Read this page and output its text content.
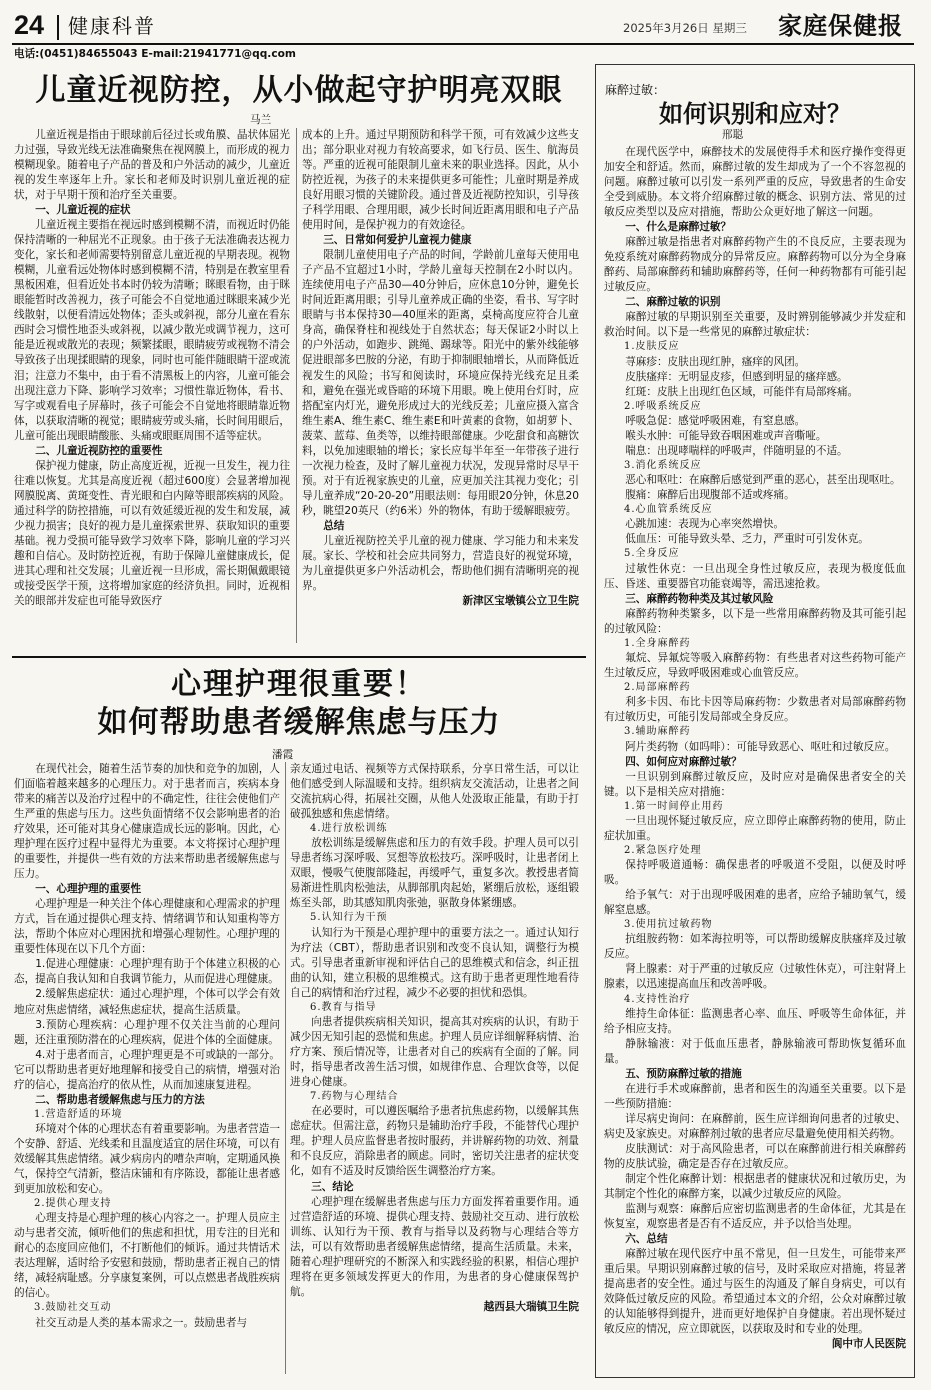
24 健康科普	2025年3月26日 星期三 家庭保健报
电话:(0451)84655043 E-mail:21941771@qq.com
儿童近视防控，从小做起守护明亮双眼
马兰

儿童近视是指由于眼球前后径过长或角膜、晶状体屈光力过强，导致光线无法准确聚焦在视网膜上，而形成的视力模糊现象。随着电子产品的普及和户外活动的减少，儿童近视的发生率逐年上升。家长和老师及时识别儿童近视的症状，对于早期干预和治疗至关重要。

一、儿童近视的症状

儿童近视主要指在视远时感到模糊不清，而视近时仍能保持清晰的一种屈光不正现象。由于孩子无法准确表达视力变化，家长和老师需要特别留意儿童近视的早期表现。视物模糊，儿童看远处物体时感到模糊不清，特别是在教室里看黑板困难，但看近处书本时仍较为清晰；眯眼看物，由于眯眼能暂时改善视力，孩子可能会不自觉地通过眯眼来减少光线散射，以便看清远处物体；歪头或斜视，部分儿童在看东西时会习惯性地歪头或斜视，以减少散光或调节视力，这可能是近视或散光的表现；频繁揉眼，眼睛疲劳或视物不清会导致孩子出现揉眼睛的现象，同时也可能伴随眼睛干涩或流泪；注意力不集中，由于看不清黑板上的内容，儿童可能会出现注意力下降、影响学习效率；习惯性靠近物体，看书、写字或观看电子屏幕时，孩子可能会不自觉地将眼睛靠近物体，以获取清晰的视觉；眼睛疲劳或头痛，长时间用眼后，儿童可能出现眼睛酸胀、头痛或眼眶周围不适等症状。

二、儿童近视防控的重要性

保护视力健康，防止高度近视，近视一旦发生，视力往往难以恢复。尤其是高度近视（超过600度）会显著增加视网膜脱离、黄斑变性、青光眼和白内障等眼部疾病的风险。通过科学的防控措施，可以有效延缓近视的发生和发展，减少视力损害；良好的视力是儿童探索世界、获取知识的重要基础。视力受损可能导致学习效率下降，影响儿童的学习兴趣和自信心。及时防控近视，有助于保障儿童健康成长，促进其心理和社交发展；儿童近视一旦形成，需长期佩戴眼镜或接受医学干预，这将增加家庭的经济负担。同时，近视相关的眼部并发症也可能导致医疗

成本的上升。通过早期预防和科学干预，可有效减少这些支出；部分职业对视力有较高要求，如飞行员、医生、航海员等。严重的近视可能限制儿童未来的职业选择。因此，从小防控近视，为孩子的未来提供更多可能性；儿童时期是养成良好用眼习惯的关键阶段。通过普及近视防控知识，引导孩子科学用眼、合理用眼，减少长时间近距离用眼和电子产品使用时间，是保护视力的有效途径。

三、日常如何爱护儿童视力健康

限制儿童使用电子产品的时间，学龄前儿童每天使用电子产品不宜超过1小时，学龄儿童每天控制在2小时以内。连续使用电子产品30—40分钟后，应休息10分钟，避免长时间近距离用眼；引导儿童养成正确的坐姿，看书、写字时眼睛与书本保持30—40厘米的距离，桌椅高度应符合儿童身高，确保脊柱和视线处于自然状态；每天保证2小时以上的户外活动，如跑步、跳绳、踢球等。阳光中的紫外线能够促进眼部多巴胺的分泌，有助于抑制眼轴增长，从而降低近视发生的风险；书写和阅读时，环境应保持光线充足且柔和，避免在强光或昏暗的环境下用眼。晚上使用台灯时，应搭配室内灯光，避免形成过大的光线反差；儿童应摄入富含维生素A、维生素C、维生素E和叶黄素的食物，如胡萝卜、菠菜、蓝莓、鱼类等，以维持眼部健康。少吃甜食和高糖饮料，以免加速眼轴的增长；家长应每半年至一年带孩子进行一次视力检查，及时了解儿童视力状况，发现异常时尽早干预。对于有近视家族史的儿童，应更加关注其视力变化；引导儿童养成“20-20-20”用眼法则：每用眼20分钟，休息20秒，眺望20英尺（约6米）外的物体，有助于缓解眼疲劳。

总结

儿童近视防控关乎儿童的视力健康、学习能力和未来发展。家长、学校和社会应共同努力，营造良好的视觉环境，为儿童提供更多户外活动机会，帮助他们拥有清晰明亮的视界。

新津区宝墩镇公立卫生院

心理护理很重要！
如何帮助患者缓解焦虑与压力
潘霞

在现代社会，随着生活节奏的加快和竞争的加剧，人们面临着越来越多的心理压力。对于患者而言，疾病本身带来的痛苦以及治疗过程中的不确定性，往往会使他们产生严重的焦虑与压力。这些负面情绪不仅会影响患者的治疗效果，还可能对其身心健康造成长远的影响。因此，心理护理在医疗过程中显得尤为重要。本文将探讨心理护理的重要性，并提供一些有效的方法来帮助患者缓解焦虑与压力。

一、心理护理的重要性

心理护理是一种关注个体心理健康和心理需求的护理方式，旨在通过提供心理支持、情绪调节和认知重构等方法，帮助个体应对心理困扰和增强心理韧性。心理护理的重要性体现在以下几个方面：

1.促进心理健康：心理护理有助于个体建立积极的心态，提高自我认知和自我调节能力，从而促进心理健康。

2.缓解焦虑症状：通过心理护理，个体可以学会有效地应对焦虑情绪，减轻焦虑症状，提高生活质量。

3.预防心理疾病：心理护理不仅关注当前的心理问题，还注重预防潜在的心理疾病，促进个体的全面健康。

4.对于患者而言，心理护理更是不可或缺的一部分。它可以帮助患者更好地理解和接受自己的病情，增强对治疗的信心，提高治疗的依从性，从而加速康复进程。

二、帮助患者缓解焦虑与压力的方法

1.营造舒适的环境

环境对个体的心理状态有着重要影响。为患者营造一个安静、舒适、光线柔和且温度适宜的居住环境，可以有效缓解其焦虑情绪。减少病房内的嘈杂声响，定期通风换气，保持空气清新，整洁床铺和有序陈设，都能让患者感到更加放松和安心。

2.提供心理支持

心理支持是心理护理的核心内容之一。护理人员应主动与患者交流，倾听他们的焦虑和担忧，用专注的目光和耐心的态度回应他们，不打断他们的倾诉。通过共情话术表达理解，适时给予安慰和鼓励，帮助患者正视自己的情绪，减轻病耻感。分享康复案例，可以点燃患者战胜疾病的信心。

3.鼓励社交互动

社交互动是人类的基本需求之一。鼓励患者与

亲友通过电话、视频等方式保持联系，分享日常生活，可以让他们感受到人际温暖和支持。组织病友交流活动，让患者之间交流抗病心得，拓展社交圈，从他人处汲取正能量，有助于打破孤独感和焦虑情绪。

4.进行放松训练

放松训练是缓解焦虑和压力的有效手段。护理人员可以引导患者练习深呼吸、冥想等放松技巧。深呼吸时，让患者闭上双眼，慢吸气使腹部隆起，再缓呼气，重复多次。教授患者简易渐进性肌肉松弛法，从脚部肌肉起始，紧绷后放松，逐组锻炼至头部，助其感知肌肉张弛，驱散身体紧绷感。

5.认知行为干预

认知行为干预是心理护理中的重要方法之一。通过认知行为疗法（CBT），帮助患者识别和改变不良认知，调整行为模式。引导患者重新审视和评估自己的思维模式和信念，纠正扭曲的认知，建立积极的思维模式。这有助于患者更理性地看待自己的病情和治疗过程，减少不必要的担忧和恐惧。

6.教育与指导

向患者提供疾病相关知识，提高其对疾病的认识，有助于减少因无知引起的恐慌和焦虑。护理人员应详细解释病情、治疗方案、预后情况等，让患者对自己的疾病有全面的了解。同时，指导患者改善生活习惯，如规律作息、合理饮食等，以促进身心健康。

7.药物与心理结合

在必要时，可以遵医嘱给予患者抗焦虑药物，以缓解其焦虑症状。但需注意，药物只是辅助治疗手段，不能替代心理护理。护理人员应监督患者按时服药，并讲解药物的功效、剂量和不良反应，消除患者的顾虑。同时，密切关注患者的症状变化，如有不适及时反馈给医生调整治疗方案。

三、结论

心理护理在缓解患者焦虑与压力方面发挥着重要作用。通过营造舒适的环境、提供心理支持、鼓励社交互动、进行放松训练、认知行为干预、教育与指导以及药物与心理结合等方法，可以有效帮助患者缓解焦虑情绪，提高生活质量。未来，随着心理护理研究的不断深入和实践经验的积累，相信心理护理将在更多领域发挥更大的作用，为患者的身心健康保驾护航。

越西县大瑞镇卫生院

麻醉过敏：
如何识别和应对？
邢聪

在现代医学中，麻醉技术的发展使得手术和医疗操作变得更加安全和舒适。然而，麻醉过敏的发生却成为了一个不容忽视的问题。麻醉过敏可以引发一系列严重的反应，导致患者的生命安全受到威胁。本文将介绍麻醉过敏的概念、识别方法、常见的过敏反应类型以及应对措施，帮助公众更好地了解这一问题。

一、什么是麻醉过敏？

麻醉过敏是指患者对麻醉药物产生的不良反应，主要表现为免疫系统对麻醉药物成分的异常反应。麻醉药物可以分为全身麻醉药、局部麻醉药和辅助麻醉药等，任何一种药物都有可能引起过敏反应。

二、麻醉过敏的识别

麻醉过敏的早期识别至关重要，及时辨别能够减少并发症和救治时间。以下是一些常见的麻醉过敏症状：

1.皮肤反应

荨麻疹：皮肤出现红肿，瘙痒的风团。

皮肤瘙痒：无明显皮疹，但感到明显的瘙痒感。

红斑：皮肤上出现红色区域，可能伴有局部疼痛。

2.呼吸系统反应

呼吸急促：感觉呼吸困难，有窒息感。

喉头水肿：可能导致吞咽困难或声音嘶哑。

喘息：出现哮喘样的呼吸声，伴随明显的不适。

3.消化系统反应

恶心和呕吐：在麻醉后感觉到严重的恶心，甚至出现呕吐。

腹痛：麻醉后出现腹部不适或疼痛。

4.心血管系统反应

心跳加速：表现为心率突然增快。

低血压：可能导致头晕、乏力，严重时可引发休克。

5.全身反应

过敏性休克：一旦出现全身性过敏反应，表现为极度低血压、昏迷、重要器官功能衰竭等，需迅速抢救。

三、麻醉药物种类及其过敏风险

麻醉药物种类繁多，以下是一些常用麻醉药物及其可能引起的过敏风险：

1.全身麻醉药

氟烷、异氟烷等吸入麻醉药物：有些患者对这些药物可能产生过敏反应，导致呼吸困难或心血管反应。

2.局部麻醉药

利多卡因、布比卡因等局麻药物：少数患者对局部麻醉药物有过敏历史，可能引发局部或全身反应。

3.辅助麻醉药

阿片类药物（如吗啡）：可能导致恶心、呕吐和过敏反应。

四、如何应对麻醉过敏？

一旦识别到麻醉过敏反应，及时应对是确保患者安全的关键。以下是相关应对措施：

1.第一时间停止用药

一旦出现怀疑过敏反应，应立即停止麻醉药物的使用，防止症状加重。

2.紧急医疗处理

保持呼吸道通畅：确保患者的呼吸道不受阻，以便及时呼吸。

给予氧气：对于出现呼吸困难的患者，应给予辅助氧气，缓解窒息感。

3.使用抗过敏药物

抗组胺药物：如苯海拉明等，可以帮助缓解皮肤瘙痒及过敏反应。

肾上腺素：对于严重的过敏反应（过敏性休克），可注射肾上腺素，以迅速提高血压和改善呼吸。

4.支持性治疗

维持生命体征：监测患者心率、血压、呼吸等生命体征，并给予相应支持。

静脉输液：对于低血压患者，静脉输液可帮助恢复循环血量。

五、预防麻醉过敏的措施

在进行手术或麻醉前，患者和医生的沟通至关重要。以下是一些预防措施：

详尽病史询问：在麻醉前，医生应详细询问患者的过敏史、病史及家族史。对麻醉剂过敏的患者应尽量避免使用相关药物。

皮肤测试：对于高风险患者，可以在麻醉前进行相关麻醉药物的皮肤试验，确定是否存在过敏反应。

制定个性化麻醉计划：根据患者的健康状况和过敏历史，为其制定个性化的麻醉方案，以减少过敏反应的风险。

监测与观察：麻醉后应密切监测患者的生命体征，尤其是在恢复室，观察患者是否有不适反应，并予以恰当处理。

六、总结

麻醉过敏在现代医疗中虽不常见，但一旦发生，可能带来严重后果。早期识别麻醉过敏的信号，及时采取应对措施，将显著提高患者的安全性。通过与医生的沟通及了解自身病史，可以有效降低过敏反应的风险。希望通过本文的介绍，公众对麻醉过敏的认知能够得到提升，进而更好地保护自身健康。若出现怀疑过敏反应的情况，应立即就医，以获取及时和专业的处理。

阆中市人民医院
